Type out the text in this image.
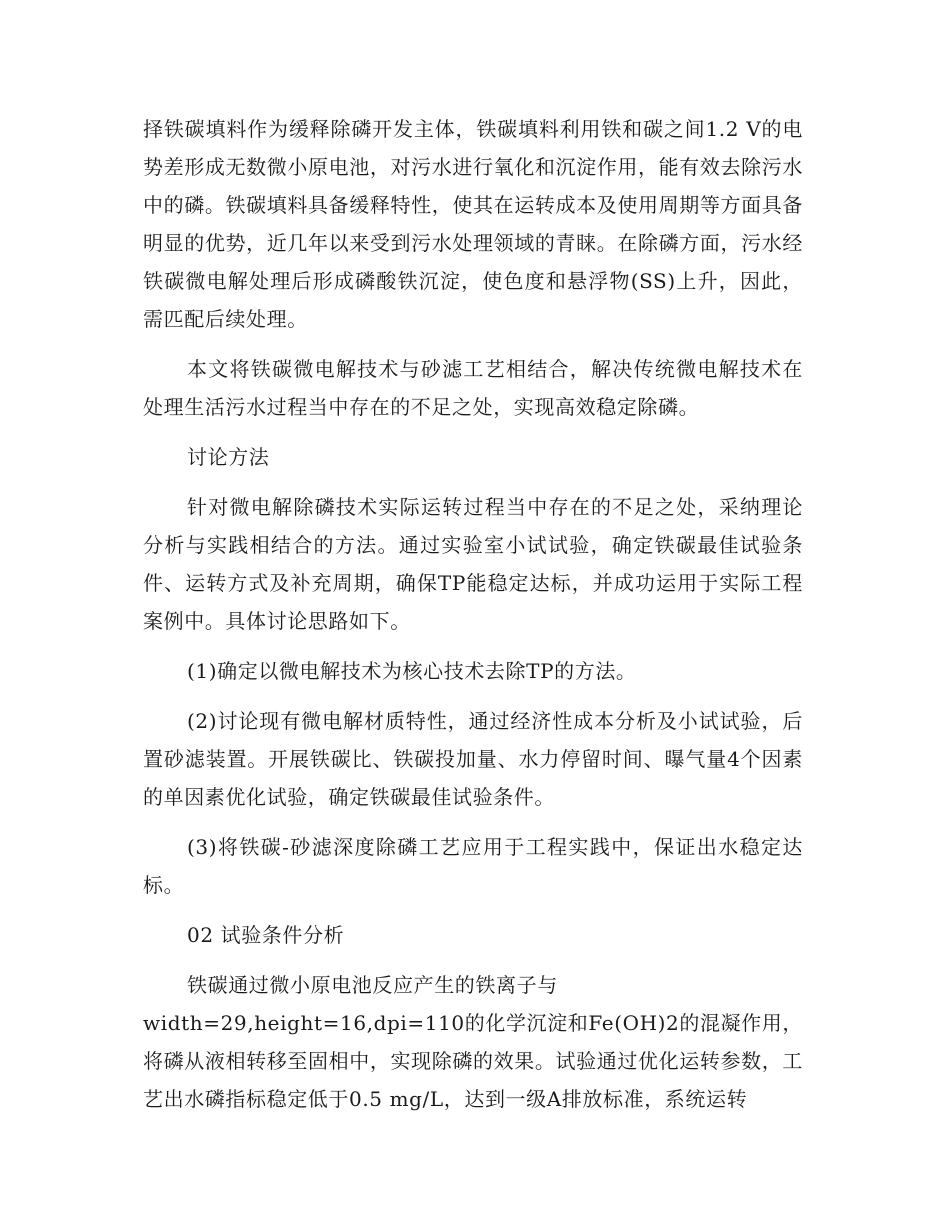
择铁碳填料作为缓释除磷开发主体，铁碳填料利用铁和碳之间1.2 V的电势差形成无数微小原电池，对污水进行氧化和沉淀作用，能有效去除污水中的磷。铁碳填料具备缓释特性，使其在运转成本及使用周期等方面具备明显的优势，近几年以来受到污水处理领域的青睐。在除磷方面，污水经铁碳微电解处理后形成磷酸铁沉淀，使色度和悬浮物(SS)上升，因此，需匹配后续处理。

本文将铁碳微电解技术与砂滤工艺相结合，解决传统微电解技术在处理生活污水过程当中存在的不足之处，实现高效稳定除磷。

讨论方法

针对微电解除磷技术实际运转过程当中存在的不足之处，采纳理论分析与实践相结合的方法。通过实验室小试试验，确定铁碳最佳试验条件、运转方式及补充周期，确保TP能稳定达标，并成功运用于实际工程案例中。具体讨论思路如下。

(1)确定以微电解技术为核心技术去除TP的方法。

(2)讨论现有微电解材质特性，通过经济性成本分析及小试试验，后置砂滤装置。开展铁碳比、铁碳投加量、水力停留时间、曝气量4个因素的单因素优化试验，确定铁碳最佳试验条件。

(3)将铁碳-砂滤深度除磷工艺应用于工程实践中，保证出水稳定达标。

02 试验条件分析

铁碳通过微小原电池反应产生的铁离子与
width=29,height=16,dpi=110的化学沉淀和Fe(OH)2的混凝作用，将磷从液相转移至固相中，实现除磷的效果。试验通过优化运转参数，工艺出水磷指标稳定低于0.5 mg/L，达到一级A排放标准，系统运转
